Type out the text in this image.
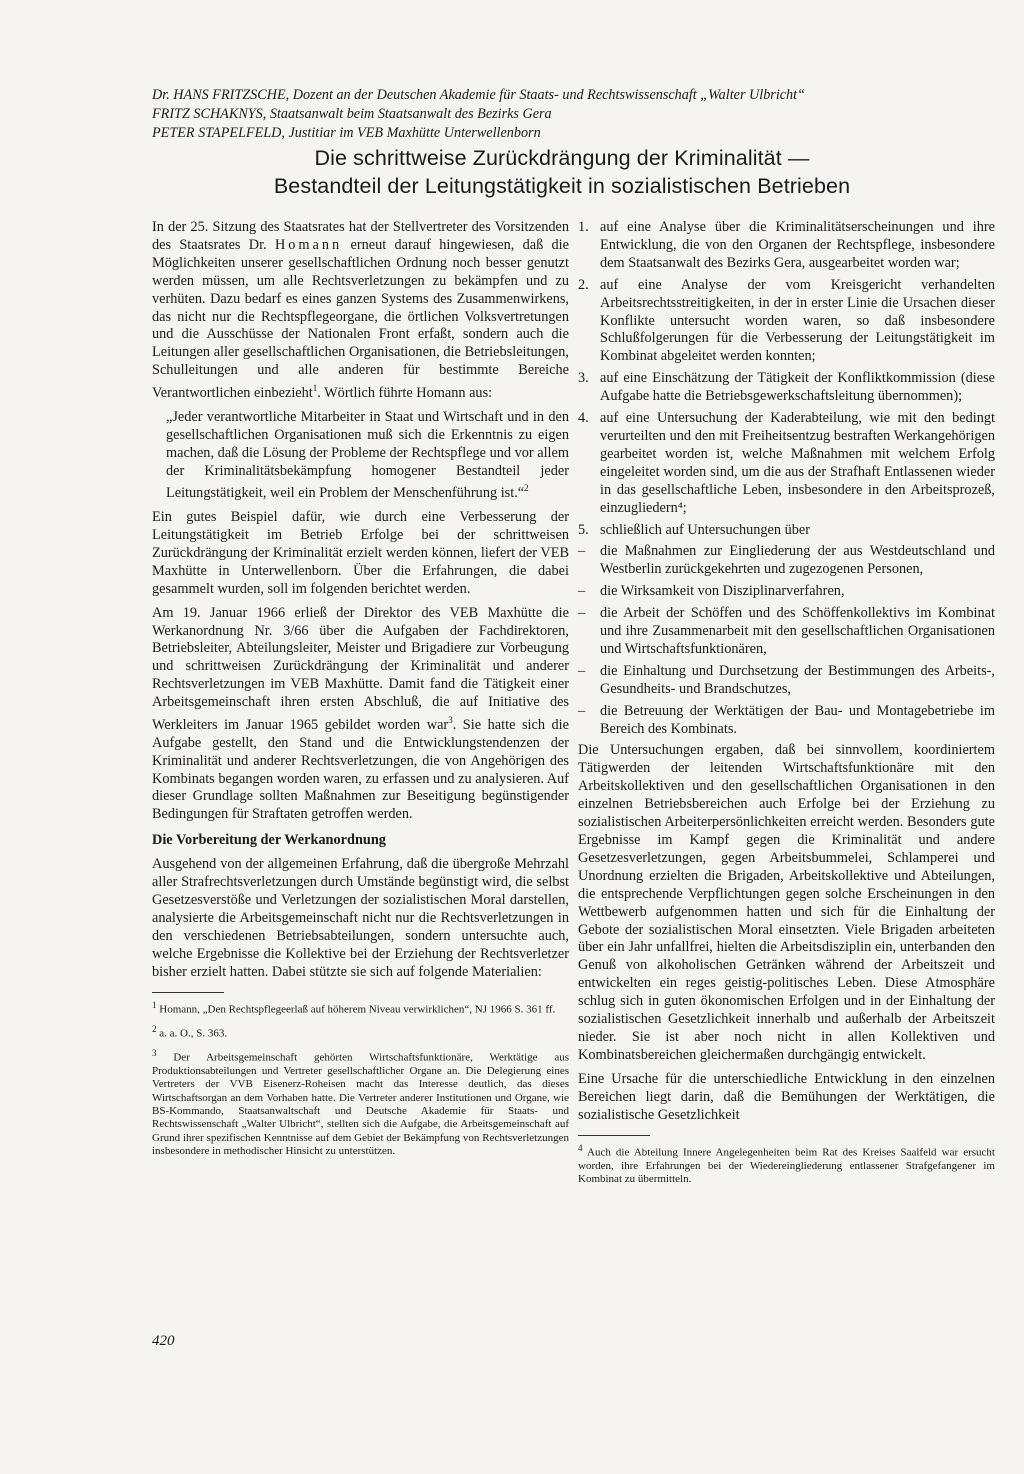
Dr. HANS FRITZSCHE, Dozent an der Deutschen Akademie für Staats- und Rechtswissenschaft „Walter Ulbricht“
FRITZ SCHAKNYS, Staatsanwalt beim Staatsanwalt des Bezirks Gera
PETER STAPELFELD, Justitiar im VEB Maxhütte Unterwellenborn
Die schrittweise Zurückdrängung der Kriminalität —
Bestandteil der Leitungstätigkeit in sozialistischen Betrieben

In der 25. Sitzung des Staatsrates hat der Stellvertreter des Vorsitzenden des Staatsrates Dr. Homann erneut darauf hingewiesen, daß die Möglichkeiten unserer gesellschaftlichen Ordnung noch besser genutzt werden müssen, um alle Rechtsverletzungen zu bekämpfen und zu verhüten. Dazu bedarf es eines ganzen Systems des Zusammenwirkens, das nicht nur die Rechtspflegeorgane, die örtlichen Volksvertretungen und die Ausschüsse der Nationalen Front erfaßt, sondern auch die Leitungen aller gesellschaftlichen Organisationen, die Betriebsleitungen, Schulleitungen und alle anderen für bestimmte Bereiche Verantwortlichen einbezieht$^1$. Wörtlich führte Homann aus:

„Jeder verantwortliche Mitarbeiter in Staat und Wirtschaft und in den gesellschaftlichen Organisationen muß sich die Erkenntnis zu eigen machen, daß die Lösung der Probleme der Rechtspflege und vor allem der Kriminalitätsbekämpfung homogener Bestandteil jeder Leitungstätigkeit, weil ein Problem der Menschenführung ist.“$^2$

Ein gutes Beispiel dafür, wie durch eine Verbesserung der Leitungstätigkeit im Betrieb Erfolge bei der schrittweisen Zurückdrängung der Kriminalität erzielt werden können, liefert der VEB Maxhütte in Unterwellenborn. Über die Erfahrungen, die dabei gesammelt wurden, soll im folgenden berichtet werden.

Am 19. Januar 1966 erließ der Direktor des VEB Maxhütte die Werkanordnung Nr. 3/66 über die Aufgaben der Fachdirektoren, Betriebsleiter, Abteilungsleiter, Meister und Brigadiere zur Vorbeugung und schrittweisen Zurückdrängung der Kriminalität und anderer Rechtsverletzungen im VEB Maxhütte. Damit fand die Tätigkeit einer Arbeitsgemeinschaft ihren ersten Abschluß, die auf Initiative des Werkleiters im Januar 1965 gebildet worden war$^3$. Sie hatte sich die Aufgabe gestellt, den Stand und die Entwicklungstendenzen der Kriminalität und anderer Rechtsverletzungen, die von Angehörigen des Kombinats begangen worden waren, zu erfassen und zu analysieren. Auf dieser Grundlage sollten Maßnahmen zur Beseitigung begünstigender Bedingungen für Straftaten getroffen werden.

Die Vorbereitung der Werkanordnung

Ausgehend von der allgemeinen Erfahrung, daß die übergroße Mehrzahl aller Strafrechtsverletzungen durch Umstände begünstigt wird, die selbst Gesetzesverstöße und Verletzungen der sozialistischen Moral darstellen, analysierte die Arbeitsgemeinschaft nicht nur die Rechtsverletzungen in den verschiedenen Betriebsabteilungen, sondern untersuchte auch, welche Ergebnisse die Kollektive bei der Erziehung der Rechtsverletzer bisher erzielt hatten. Dabei stützte sie sich auf folgende Materialien:

$^1$ Homann, „Den Rechtspflegeerlaß auf höherem Niveau verwirklichen“, NJ 1966 S. 361 ff.

$^2$ a. a. O., S. 363.

$^3$ Der Arbeitsgemeinschaft gehörten Wirtschaftsfunktionäre, Werktätige aus Produktionsabteilungen und Vertreter gesellschaftlicher Organe an. Die Delegierung eines Vertreters der VVB Eisenerz-Roheisen macht das Interesse deutlich, das dieses Wirtschaftsorgan an dem Vorhaben hatte. Die Vertreter anderer Institutionen und Organe, wie BS-Kommando, Staatsanwaltschaft und Deutsche Akademie für Staats- und Rechtswissenschaft „Walter Ulbricht“, stellten sich die Aufgabe, die Arbeitsgemeinschaft auf Grund ihrer spezifischen Kenntnisse auf dem Gebiet der Bekämpfung von Rechtsverletzungen insbesondere in methodischer Hinsicht zu unterstützen.

1. auf eine Analyse über die Kriminalitätserscheinungen und ihre Entwicklung, die von den Organen der Rechtspflege, insbesondere dem Staatsanwalt des Bezirks Gera, ausgearbeitet worden war;
2. auf eine Analyse der vom Kreisgericht verhandelten Arbeitsrechtsstreitigkeiten, in der in erster Linie die Ursachen dieser Konflikte untersucht worden waren, so daß insbesondere Schlußfolgerungen für die Verbesserung der Leitungstätigkeit im Kombinat abgeleitet werden konnten;
3. auf eine Einschätzung der Tätigkeit der Konfliktkommission (diese Aufgabe hatte die Betriebsgewerkschaftsleitung übernommen);
4. auf eine Untersuchung der Kaderabteilung, wie mit den bedingt verurteilten und den mit Freiheitsentzug bestraften Werkangehörigen gearbeitet worden ist, welche Maßnahmen mit welchem Erfolg eingeleitet worden sind, um die aus der Strafhaft Entlassenen wieder in das gesellschaftliche Leben, insbesondere in den Arbeitsprozeß, einzugliedern⁴;
5. schließlich auf Untersuchungen über
–	die Maßnahmen zur Eingliederung der aus Westdeutschland und Westberlin zurückgekehrten und zugezogenen Personen,
–	die Wirksamkeit von Disziplinarverfahren,
–	die Arbeit der Schöffen und des Schöffenkollektivs im Kombinat und ihre Zusammenarbeit mit den gesellschaftlichen Organisationen und Wirtschaftsfunktionären,
–	die Einhaltung und Durchsetzung der Bestimmungen des Arbeits-, Gesundheits- und Brandschutzes,
–	die Betreuung der Werktätigen der Bau- und Montagebetriebe im Bereich des Kombinats.

Die Untersuchungen ergaben, daß bei sinnvollem, koordiniertem Tätigwerden der leitenden Wirtschaftsfunktionäre mit den Arbeitskollektiven und den gesellschaftlichen Organisationen in den einzelnen Betriebsbereichen auch Erfolge bei der Erziehung zu sozialistischen Arbeiterpersönlichkeiten erreicht werden. Besonders gute Ergebnisse im Kampf gegen die Kriminalität und andere Gesetzesverletzungen, gegen Arbeitsbummelei, Schlamperei und Unordnung erzielten die Brigaden, Arbeitskollektive und Abteilungen, die entsprechende Verpflichtungen gegen solche Erscheinungen in den Wettbewerb aufgenommen hatten und sich für die Einhaltung der Gebote der sozialistischen Moral einsetzten. Viele Brigaden arbeiteten über ein Jahr unfallfrei, hielten die Arbeitsdisziplin ein, unterbanden den Genuß von alkoholischen Getränken während der Arbeitszeit und entwickelten ein reges geistig-politisches Leben. Diese Atmosphäre schlug sich in guten ökonomischen Erfolgen und in der Einhaltung der sozialistischen Gesetzlichkeit innerhalb und außerhalb der Arbeitszeit nieder. Sie ist aber noch nicht in allen Kollektiven und Kombinatsbereichen gleichermaßen durchgängig entwickelt.

Eine Ursache für die unterschiedliche Entwicklung in den einzelnen Bereichen liegt darin, daß die Bemühungen der Werktätigen, die sozialistische Gesetzlichkeit

$^4$ Auch die Abteilung Innere Angelegenheiten beim Rat des Kreises Saalfeld war ersucht worden, ihre Erfahrungen bei der Wiedereingliederung entlassener Strafgefangener im Kombinat zu übermitteln.

420
